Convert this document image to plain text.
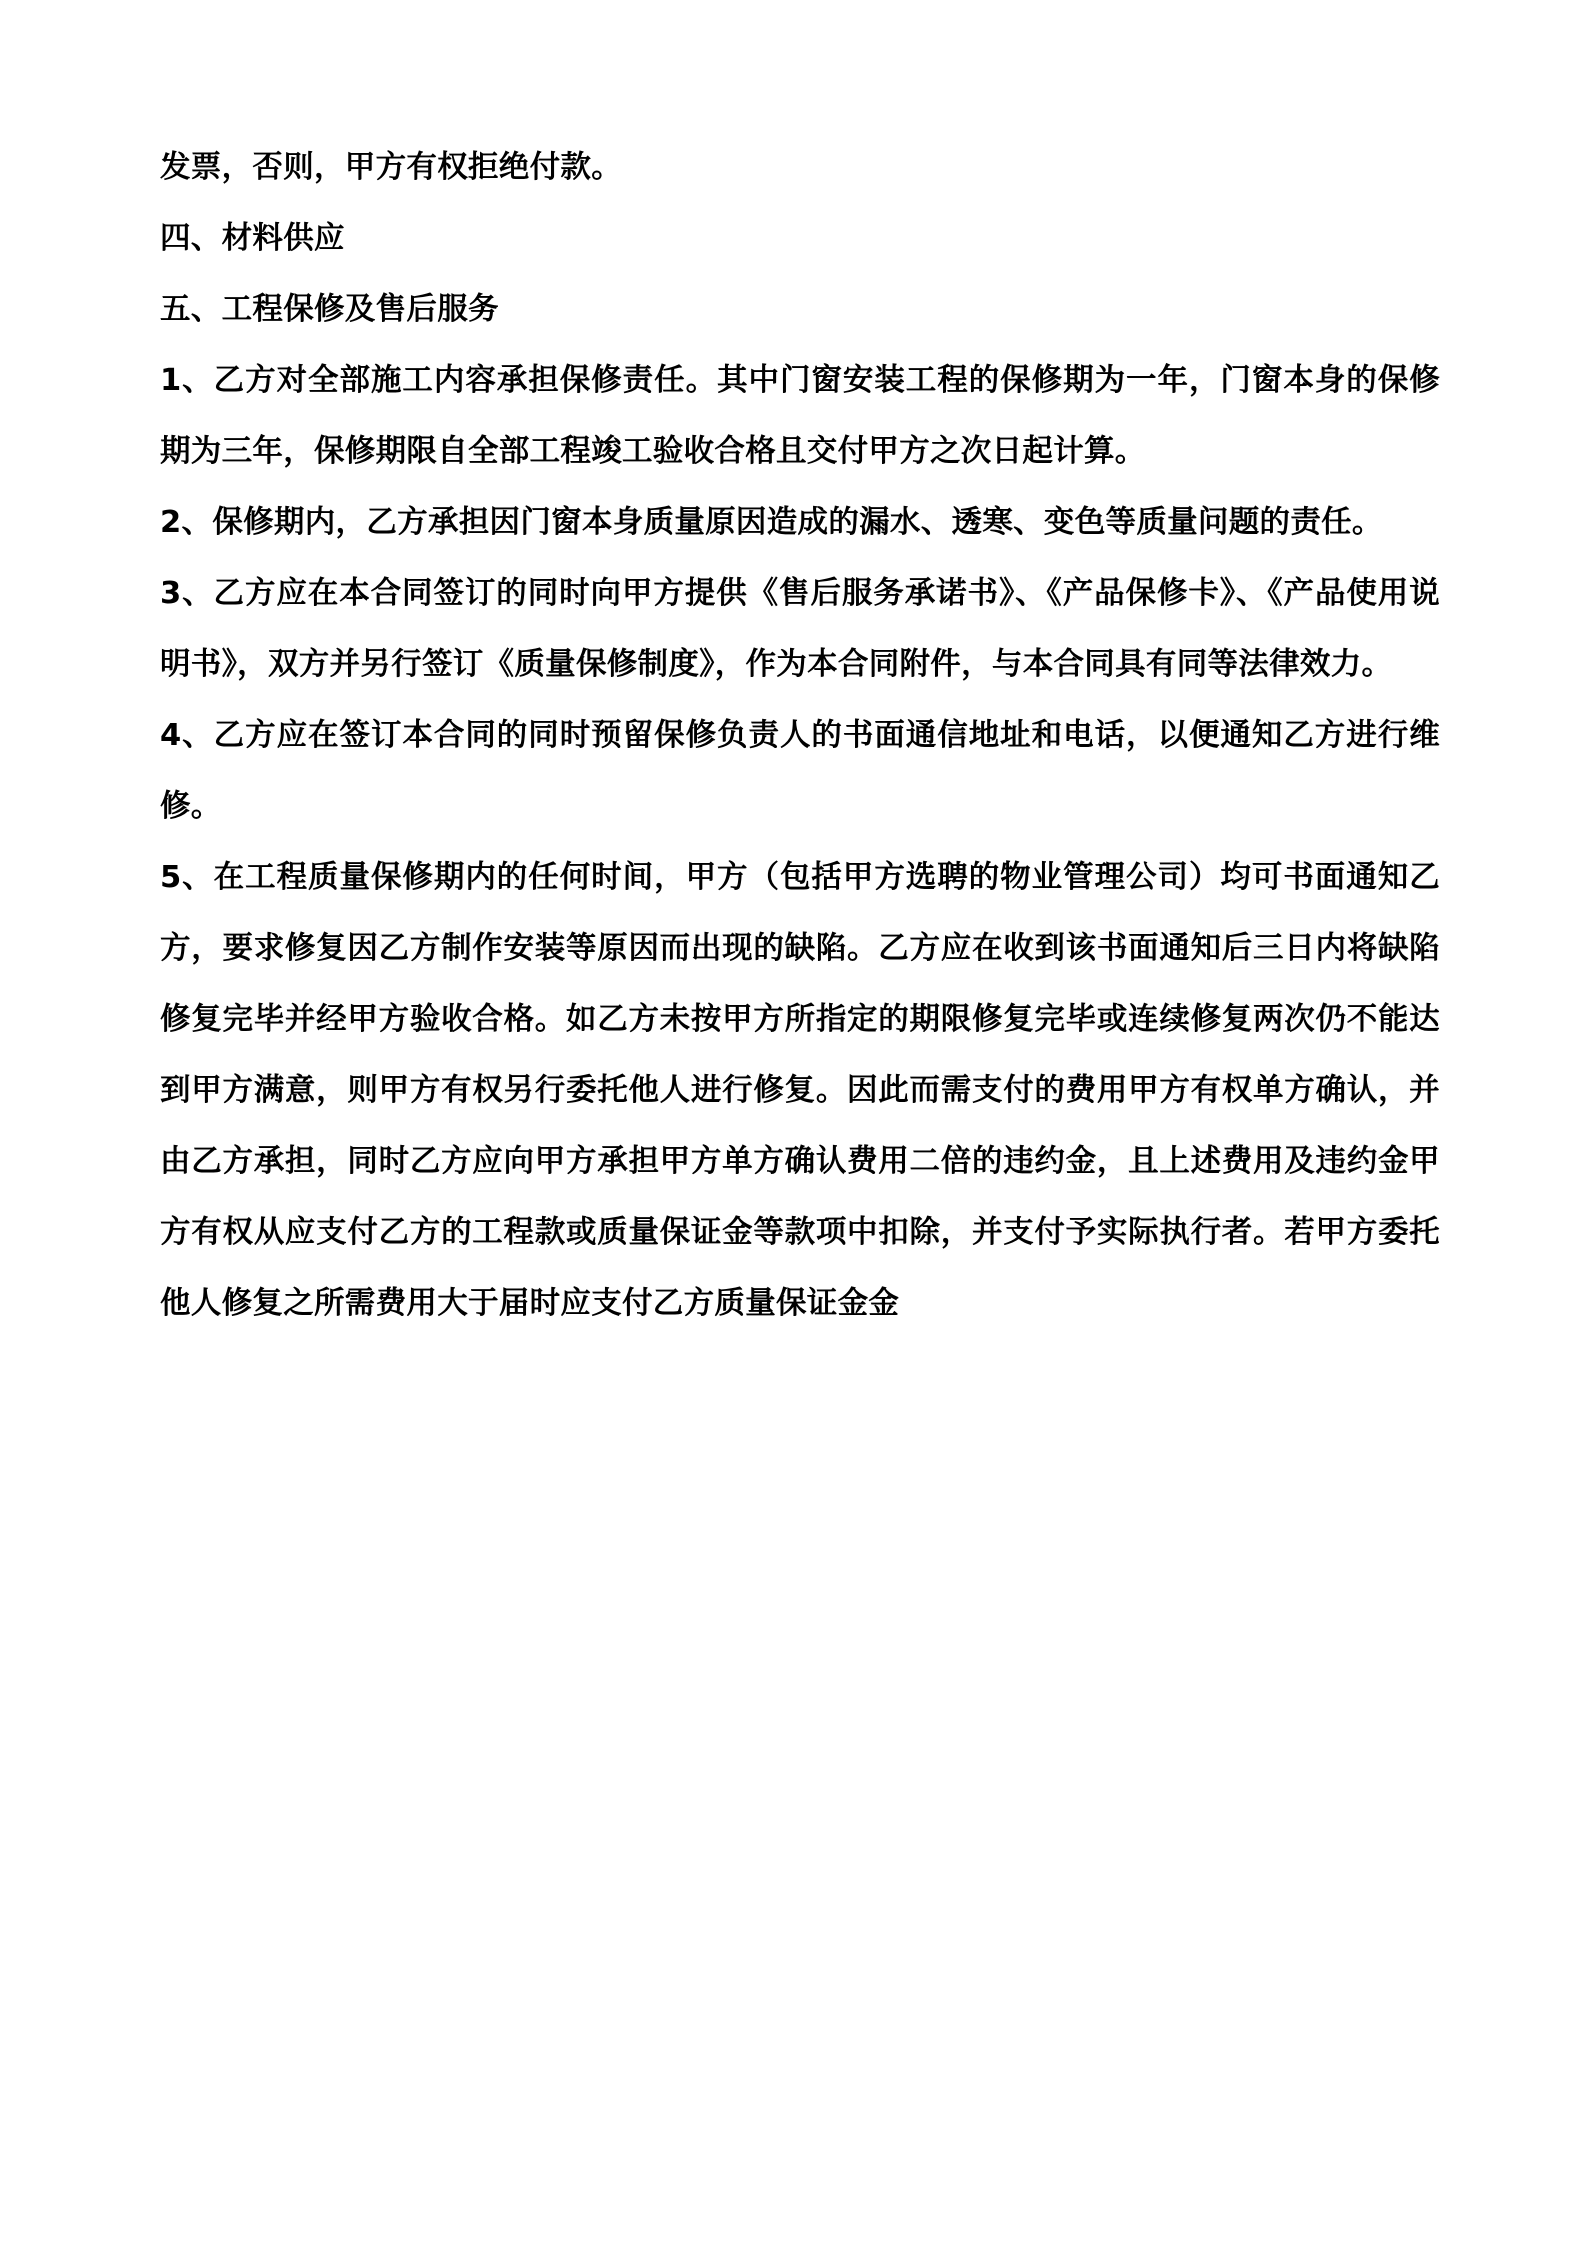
发票，否则，甲方有权拒绝付款。

四、材料供应

五、工程保修及售后服务

1、乙方对全部施工内容承担保修责任。其中门窗安装工程的保修期为一年，门窗本身的保修期为三年，保修期限自全部工程竣工验收合格且交付甲方之次日起计算。

2、保修期内，乙方承担因门窗本身质量原因造成的漏水、透寒、变色等质量问题的责任。

3、乙方应在本合同签订的同时向甲方提供《售后服务承诺书》、《产品保修卡》、《产品使用说明书》，双方并另行签订《质量保修制度》，作为本合同附件，与本合同具有同等法律效力。

4、乙方应在签订本合同的同时预留保修负责人的书面通信地址和电话，以便通知乙方进行维修。

5、在工程质量保修期内的任何时间，甲方（包括甲方选聘的物业管理公司）均可书面通知乙方，要求修复因乙方制作安装等原因而出现的缺陷。乙方应在收到该书面通知后三日内将缺陷修复完毕并经甲方验收合格。如乙方未按甲方所指定的期限修复完毕或连续修复两次仍不能达到甲方满意，则甲方有权另行委托他人进行修复。因此而需支付的费用甲方有权单方确认，并由乙方承担，同时乙方应向甲方承担甲方单方确认费用二倍的违约金，且上述费用及违约金甲方有权从应支付乙方的工程款或质量保证金等款项中扣除，并支付予实际执行者。若甲方委托他人修复之所需费用大于届时应支付乙方质量保证金金
